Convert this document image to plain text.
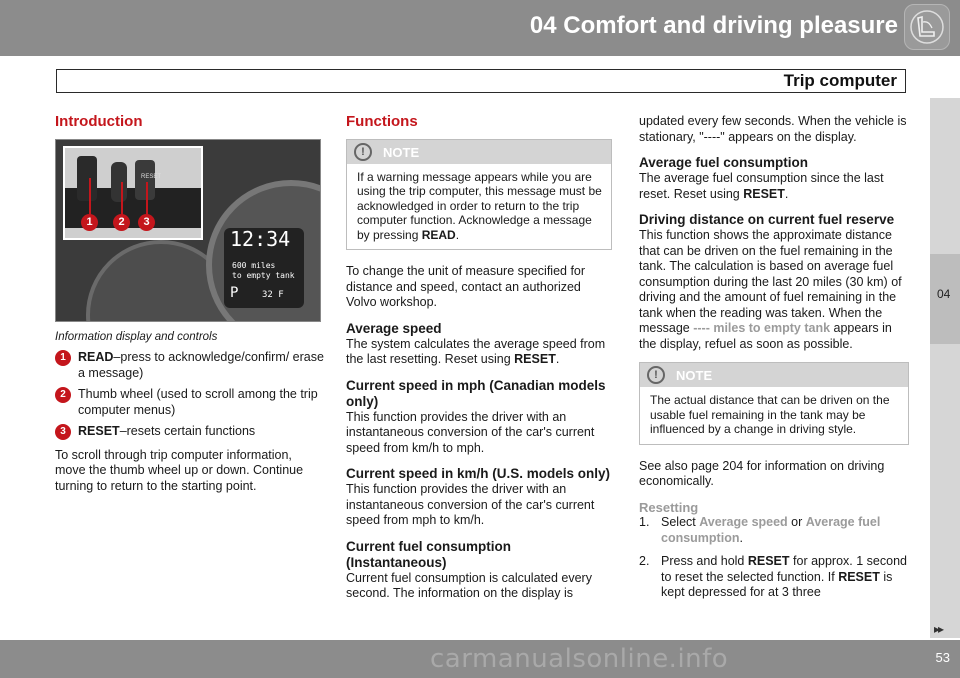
04 Comfort and driving pleasure
Trip computer
04
Introduction
12:34
600 miles
to empty tank
P	32 F
RESET
1	2	3
Information display and controls
1 READ–press to acknowledge/confirm/ erase a message)
2 Thumb wheel (used to scroll among the trip computer menus)
3 RESET–resets certain functions

To scroll through trip computer information, move the thumb wheel up or down. Continue turning to return to the starting point.

Functions
!	NOTE
If a warning message appears while you are using the trip computer, this message must be acknowledged in order to return to the trip computer function. Acknowledge a message by pressing READ.

To change the unit of measure specified for distance and speed, contact an authorized Volvo workshop.

Average speed

The system calculates the average speed from the last resetting. Reset using RESET.

Current speed in mph (Canadian models only)

This function provides the driver with an instantaneous conversion of the car's current speed from km/h to mph.

Current speed in km/h (U.S. models only)

This function provides the driver with an instantaneous conversion of the car's current speed from mph to km/h.

Current fuel consumption (Instantaneous)

Current fuel consumption is calculated every second. The information on the display is

updated every few seconds. When the vehicle is stationary, "----" appears on the display.

Average fuel consumption

The average fuel consumption since the last reset. Reset using RESET.

Driving distance on current fuel reserve

This function shows the approximate distance that can be driven on the fuel remaining in the tank. The calculation is based on average fuel consumption during the last 20 miles (30 km) of driving and the amount of fuel remaining in the tank when the reading was taken. When the message ---- miles to empty tank appears in the display, refuel as soon as possible.

!	NOTE
The actual distance that can be driven on the usable fuel remaining in the tank may be influenced by a change in driving style.

See also page 204 for information on driving economically.

Resetting
1. Select Average speed or Average fuel consumption.
2. Press and hold RESET for approx. 1 second to reset the selected function. If RESET is kept depressed for at 3 three
▸▸
carmanualsonline.info	53
